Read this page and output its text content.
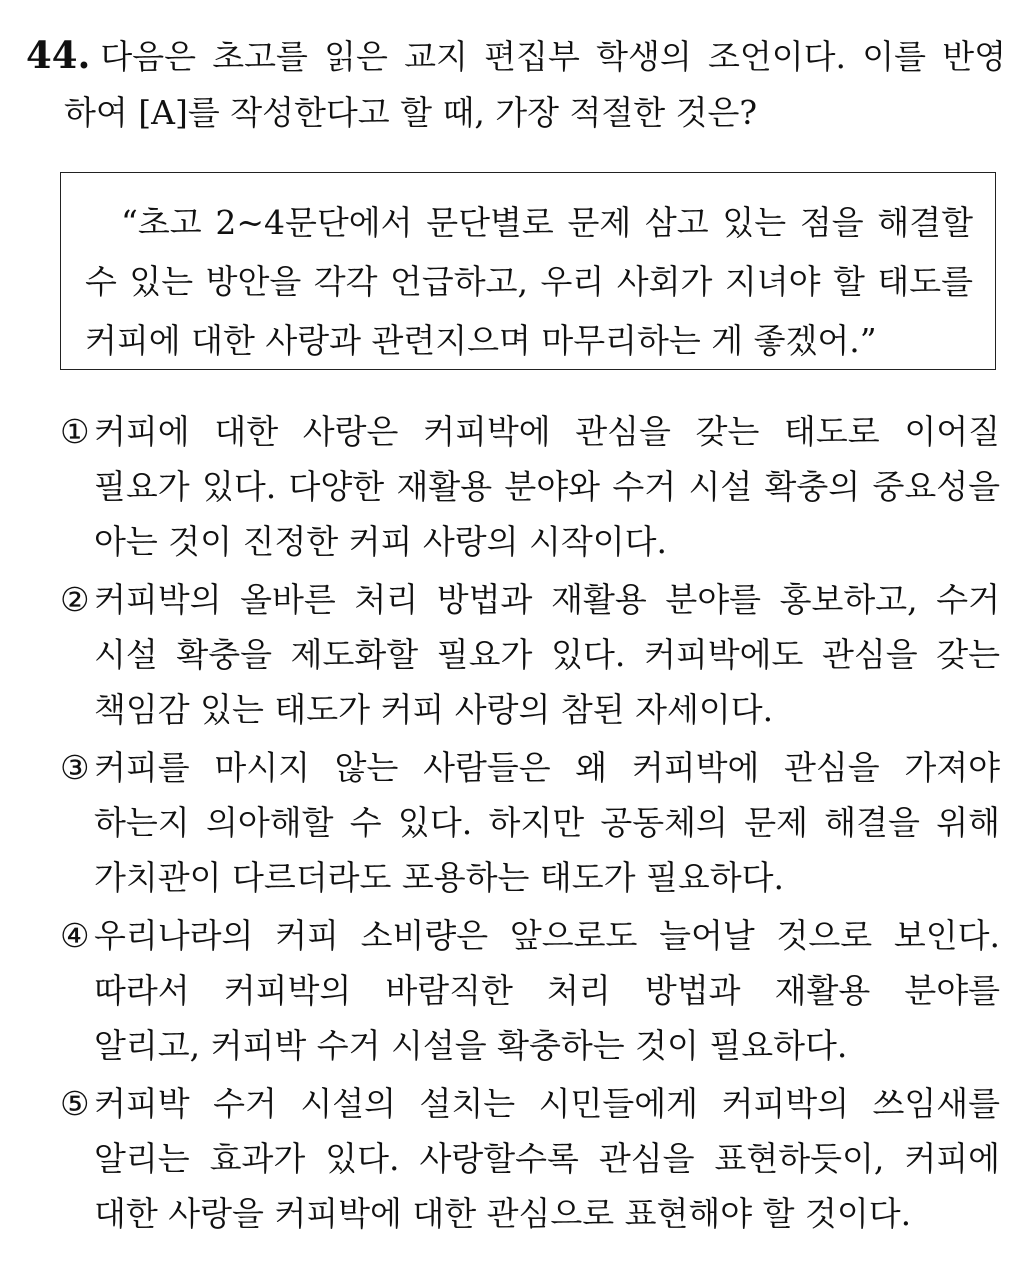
44. 다음은 초고를 읽은 교지 편집부 학생의 조언이다. 이를 반영
하여 [A]를 작성한다고 할 때, 가장 적절한 것은?
“초고 2~4문단에서 문단별로 문제 삼고 있는 점을 해결할
수 있는 방안을 각각 언급하고, 우리 사회가 지녀야 할 태도를
커피에 대한 사랑과 관련지으며 마무리하는 게 좋겠어.”
① 커피에 대한 사랑은 커피박에 관심을 갖는 태도로 이어질
필요가 있다. 다양한 재활용 분야와 수거 시설 확충의 중요성을
아는 것이 진정한 커피 사랑의 시작이다.
② 커피박의 올바른 처리 방법과 재활용 분야를 홍보하고, 수거
시설 확충을 제도화할 필요가 있다. 커피박에도 관심을 갖는
책임감 있는 태도가 커피 사랑의 참된 자세이다.
③ 커피를 마시지 않는 사람들은 왜 커피박에 관심을 가져야
하는지 의아해할 수 있다. 하지만 공동체의 문제 해결을 위해
가치관이 다르더라도 포용하는 태도가 필요하다.
④ 우리나라의 커피 소비량은 앞으로도 늘어날 것으로 보인다.
따라서 커피박의 바람직한 처리 방법과 재활용 분야를
알리고, 커피박 수거 시설을 확충하는 것이 필요하다.
⑤ 커피박 수거 시설의 설치는 시민들에게 커피박의 쓰임새를
알리는 효과가 있다. 사랑할수록 관심을 표현하듯이, 커피에
대한 사랑을 커피박에 대한 관심으로 표현해야 할 것이다.
